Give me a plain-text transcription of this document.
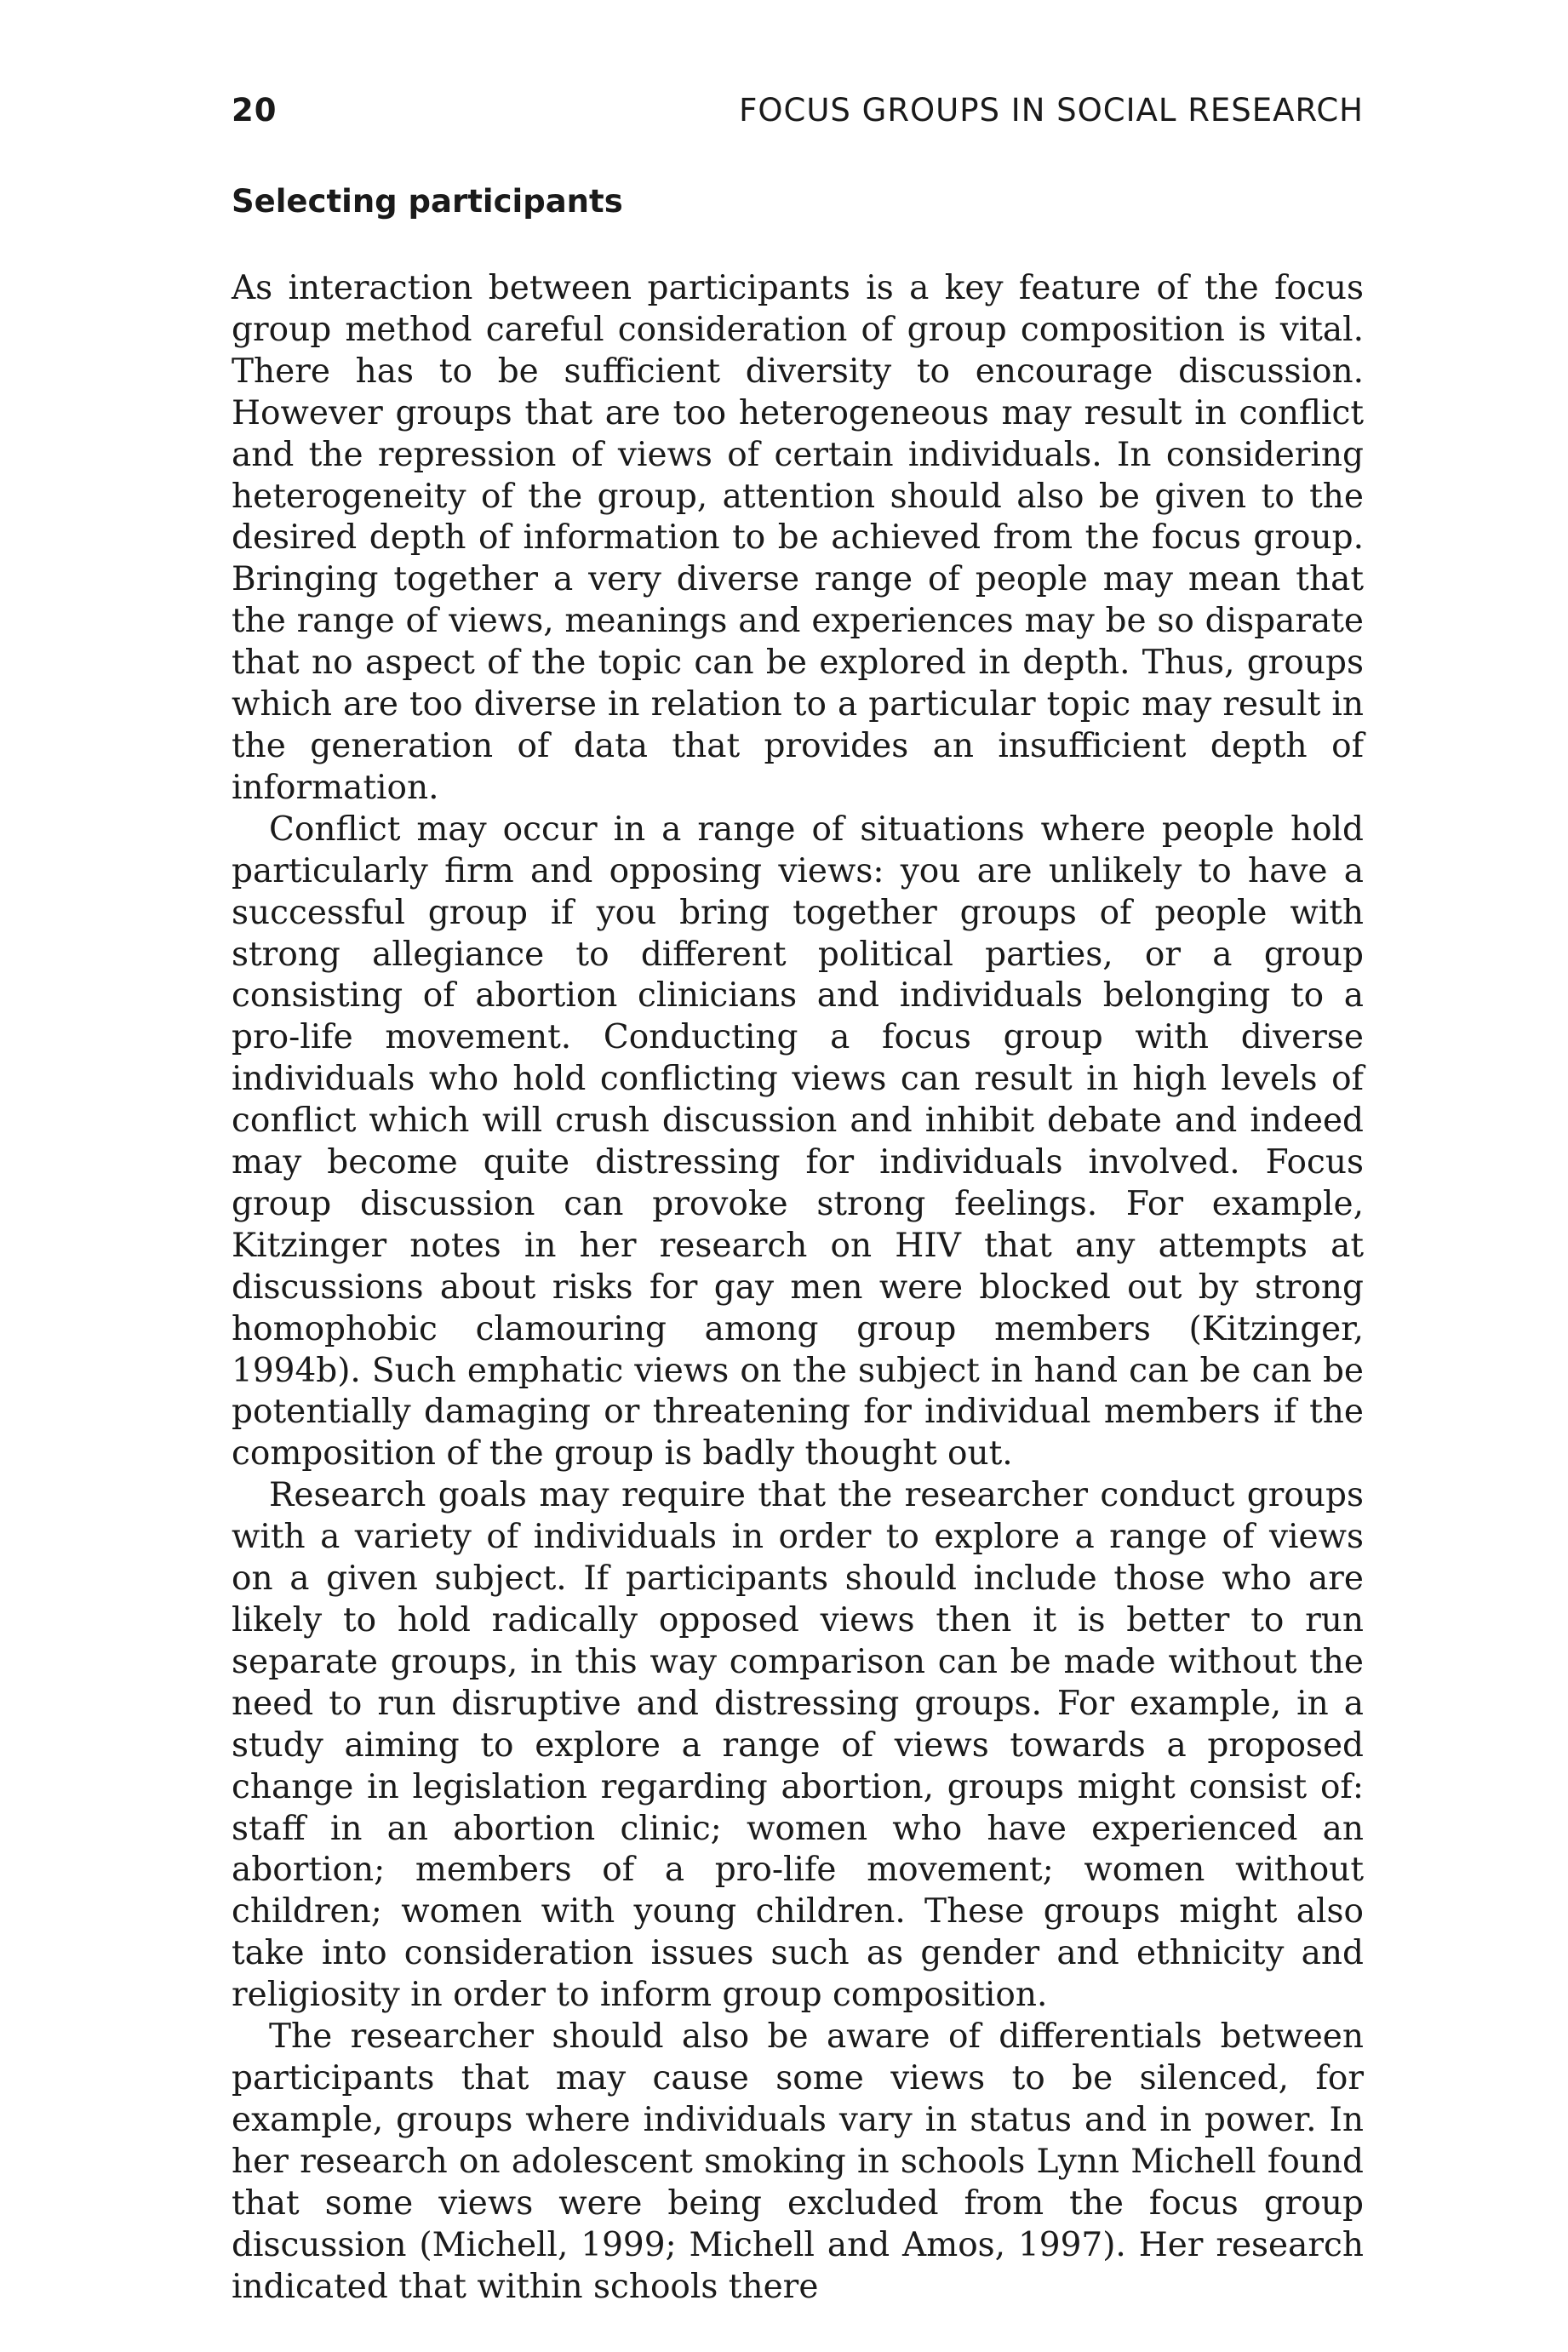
20	FOCUS GROUPS IN SOCIAL RESEARCH
Selecting participants

As interaction between participants is a key feature of the focus group method careful consideration of group composition is vital. There has to be sufficient diversity to encourage discussion. However groups that are too heterogeneous may result in conflict and the repression of views of certain individuals. In considering heterogeneity of the group, attention should also be given to the desired depth of information to be achieved from the focus group. Bringing together a very diverse range of people may mean that the range of views, meanings and experiences may be so disparate that no aspect of the topic can be explored in depth. Thus, groups which are too diverse in relation to a particular topic may result in the generation of data that provides an insufficient depth of information.

Conflict may occur in a range of situations where people hold particularly firm and opposing views: you are unlikely to have a successful group if you bring together groups of people with strong allegiance to different political parties, or a group consisting of abortion clinicians and individuals belonging to a pro-life movement. Conducting a focus group with diverse individuals who hold conflicting views can result in high levels of conflict which will crush discussion and inhibit debate and indeed may become quite distressing for individuals involved. Focus group discussion can provoke strong feelings. For example, Kitzinger notes in her research on HIV that any attempts at discussions about risks for gay men were blocked out by strong homophobic clamouring among group members (Kitzinger, 1994b). Such emphatic views on the subject in hand can be can be potentially damaging or threatening for individual members if the composition of the group is badly thought out.

Research goals may require that the researcher conduct groups with a variety of individuals in order to explore a range of views on a given subject. If participants should include those who are likely to hold radically opposed views then it is better to run separate groups, in this way comparison can be made without the need to run disruptive and distressing groups. For example, in a study aiming to explore a range of views towards a proposed change in legislation regarding abortion, groups might consist of: staff in an abortion clinic; women who have experienced an abortion; members of a pro-life movement; women without children; women with young children. These groups might also take into consideration issues such as gender and ethnicity and religiosity in order to inform group composition.

The researcher should also be aware of differentials between participants that may cause some views to be silenced, for example, groups where individuals vary in status and in power. In her research on adolescent smoking in schools Lynn Michell found that some views were being excluded from the focus group discussion (Michell, 1999; Michell and Amos, 1997). Her research indicated that within schools there
